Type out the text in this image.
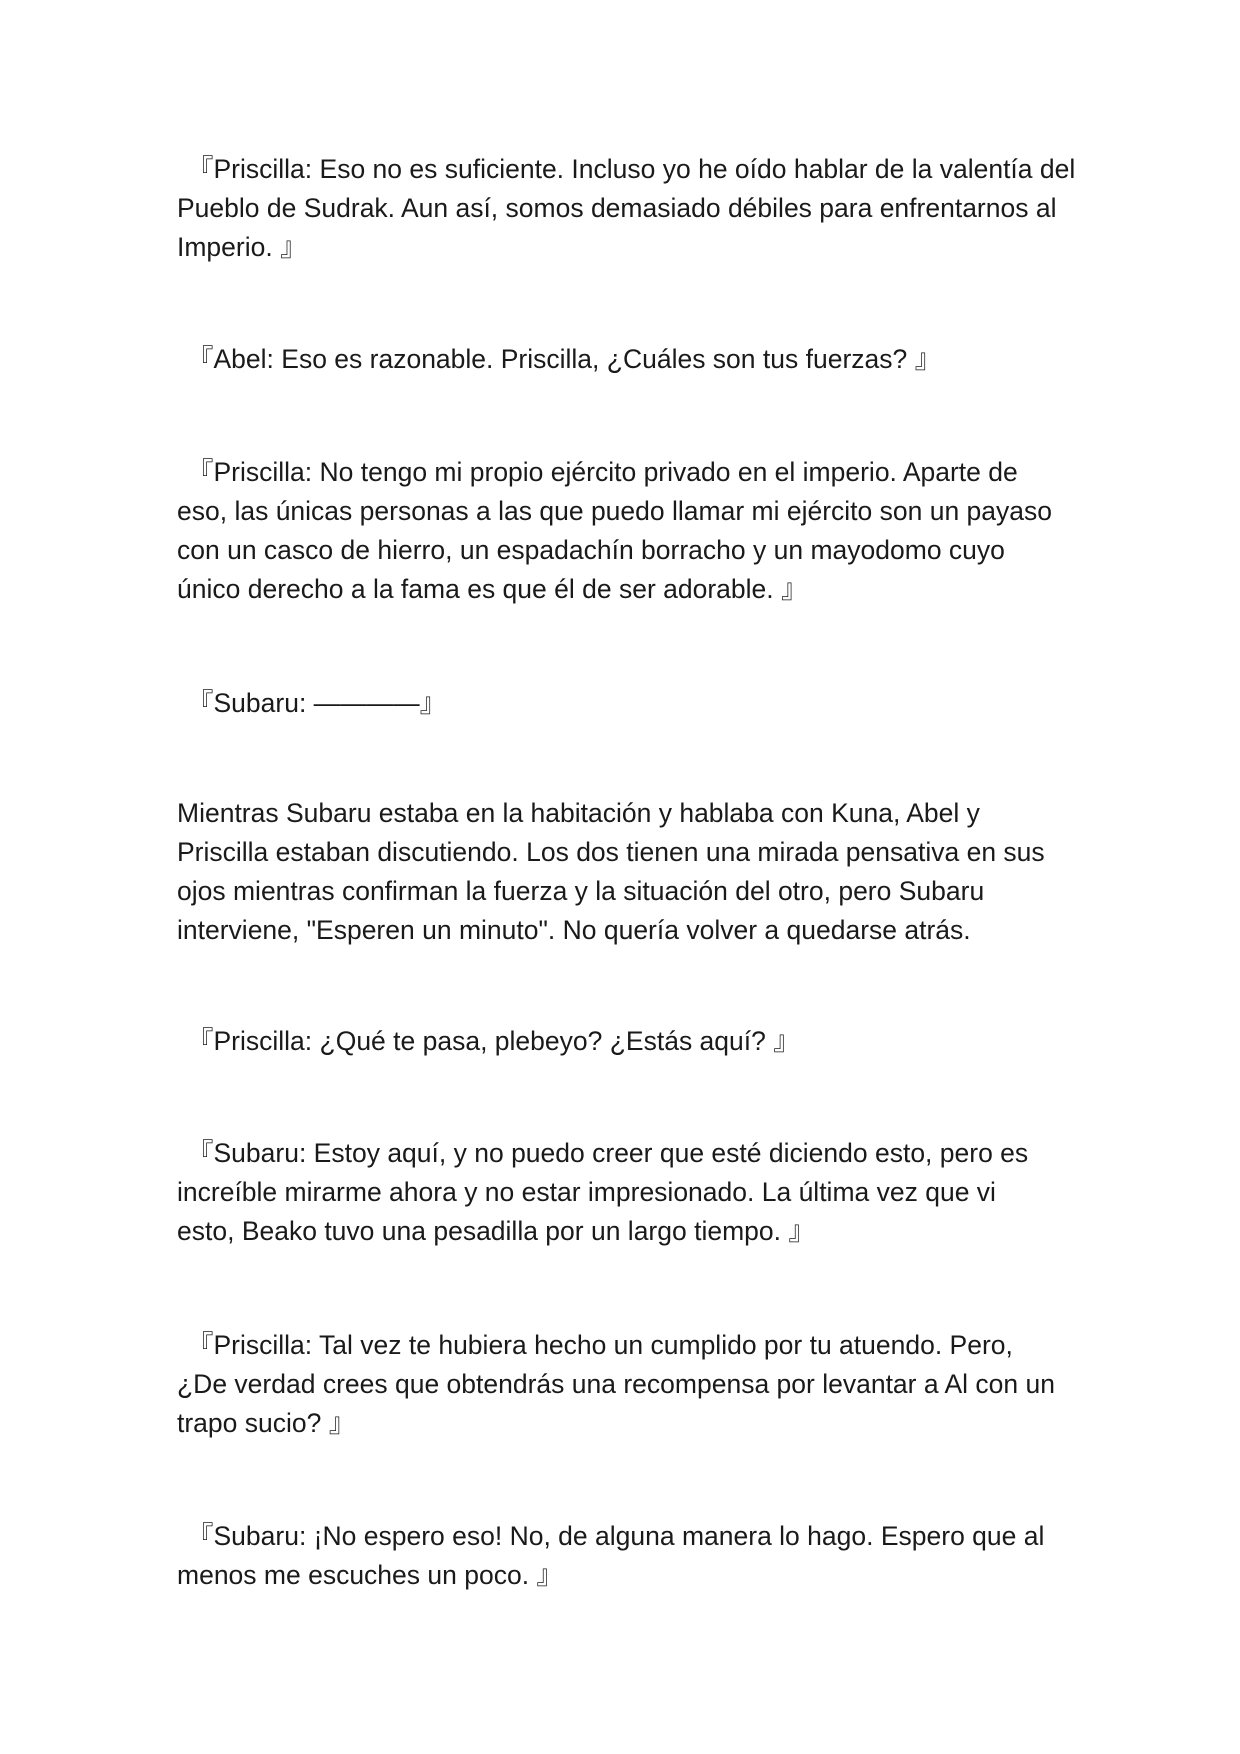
『Priscilla: Eso no es suficiente. Incluso yo he oído hablar de la valentía del
Pueblo de Sudrak. Aun así, somos demasiado débiles para enfrentarnos al
Imperio. 』
『Abel: Eso es razonable. Priscilla, ¿Cuáles son tus fuerzas? 』
『Priscilla: No tengo mi propio ejército privado en el imperio. Aparte de
eso, las únicas personas a las que puedo llamar mi ejército son un payaso
con un casco de hierro, un espadachín borracho y un mayodomo cuyo
único derecho a la fama es que él de ser adorable. 』
『Subaru: ————』
Mientras Subaru estaba en la habitación y hablaba con Kuna, Abel y
Priscilla estaban discutiendo. Los dos tienen una mirada pensativa en sus
ojos mientras confirman la fuerza y la situación del otro, pero Subaru
interviene, "Esperen un minuto". No quería volver a quedarse atrás.
『Priscilla: ¿Qué te pasa, plebeyo? ¿Estás aquí? 』
『Subaru: Estoy aquí, y no puedo creer que esté diciendo esto, pero es
increíble mirarme ahora y no estar impresionado. La última vez que vi
esto, Beako tuvo una pesadilla por un largo tiempo. 』
『Priscilla: Tal vez te hubiera hecho un cumplido por tu atuendo. Pero,
¿De verdad crees que obtendrás una recompensa por levantar a Al con un
trapo sucio? 』
『Subaru: ¡No espero eso! No, de alguna manera lo hago. Espero que al
menos me escuches un poco. 』
